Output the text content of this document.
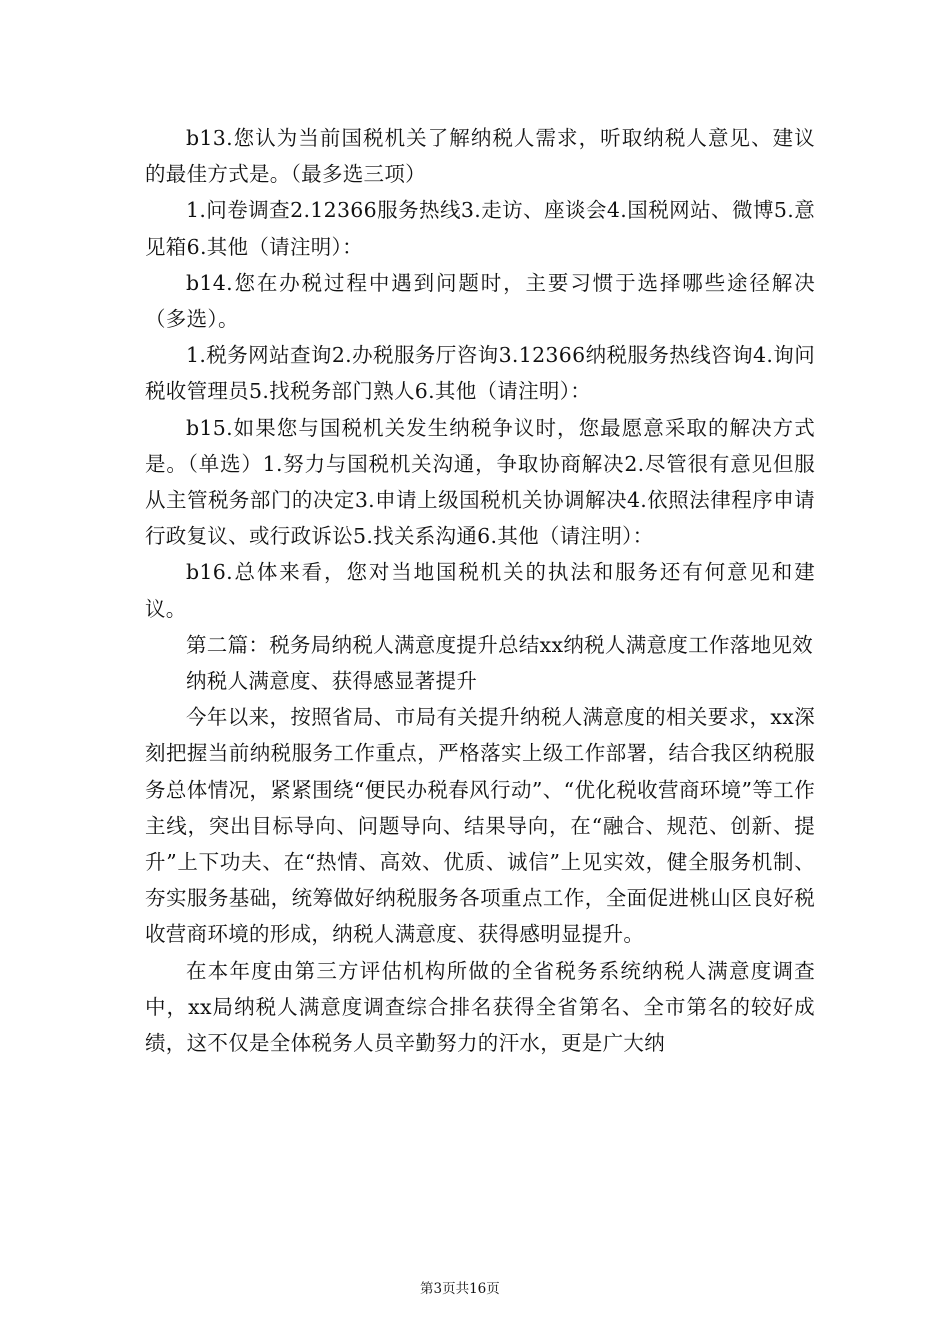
b13.您认为当前国税机关了解纳税人需求，听取纳税人意见、建议的最佳方式是。（最多选三项）

1.问卷调查2.12366服务热线3.走访、座谈会4.国税网站、微博5.意见箱6.其他（请注明）：

b14.您在办税过程中遇到问题时，主要习惯于选择哪些途径解决（多选）。

1.税务网站查询2.办税服务厅咨询3.12366纳税服务热线咨询4.询问税收管理员5.找税务部门熟人6.其他（请注明）：

b15.如果您与国税机关发生纳税争议时，您最愿意采取的解决方式是。（单选）1.努力与国税机关沟通，争取协商解决2.尽管很有意见但服从主管税务部门的决定3.申请上级国税机关协调解决4.依照法律程序申请行政复议、或行政诉讼5.找关系沟通6.其他（请注明）：

b16.总体来看，您对当地国税机关的执法和服务还有何意见和建议。

第二篇：税务局纳税人满意度提升总结xx纳税人满意度工作落地见效

纳税人满意度、获得感显著提升

今年以来，按照省局、市局有关提升纳税人满意度的相关要求，xx深刻把握当前纳税服务工作重点，严格落实上级工作部署，结合我区纳税服务总体情况，紧紧围绕“便民办税春风行动”、“优化税收营商环境”等工作主线，突出目标导向、问题导向、结果导向，在“融合、规范、创新、提升”上下功夫、在“热情、高效、优质、诚信”上见实效，健全服务机制、夯实服务基础，统筹做好纳税服务各项重点工作，全面促进桃山区良好税收营商环境的形成，纳税人满意度、获得感明显提升。

在本年度由第三方评估机构所做的全省税务系统纳税人满意度调查中，xx局纳税人满意度调查综合排名获得全省第名、全市第名的较好成绩，这不仅是全体税务人员辛勤努力的汗水，更是广大纳

第3页共16页
